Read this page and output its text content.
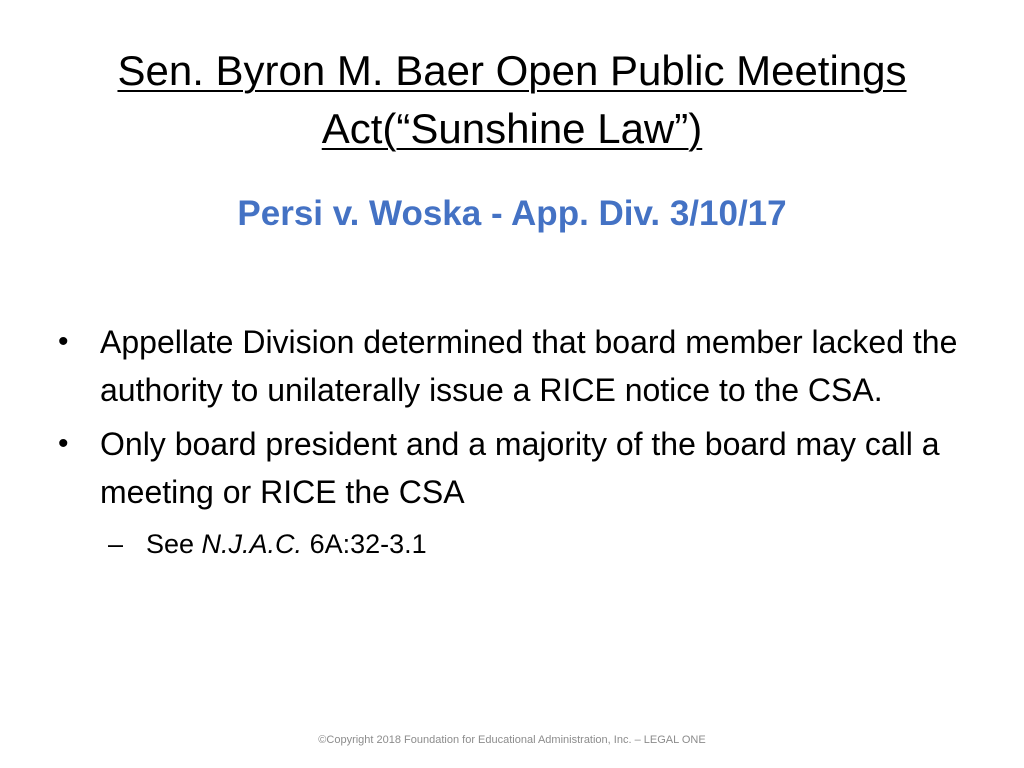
Sen. Byron M. Baer Open Public Meetings
Act(“Sunshine Law”)
Persi v. Woska - App. Div. 3/10/17
• Appellate Division determined that board member lacked the authority to unilaterally issue a RICE notice to the CSA.
• Only board president and a majority of the board may call a meeting or RICE the CSA
– See N.J.A.C. 6A:32-3.1
©Copyright 2018 Foundation for Educational Administration, Inc. – LEGAL ONE
